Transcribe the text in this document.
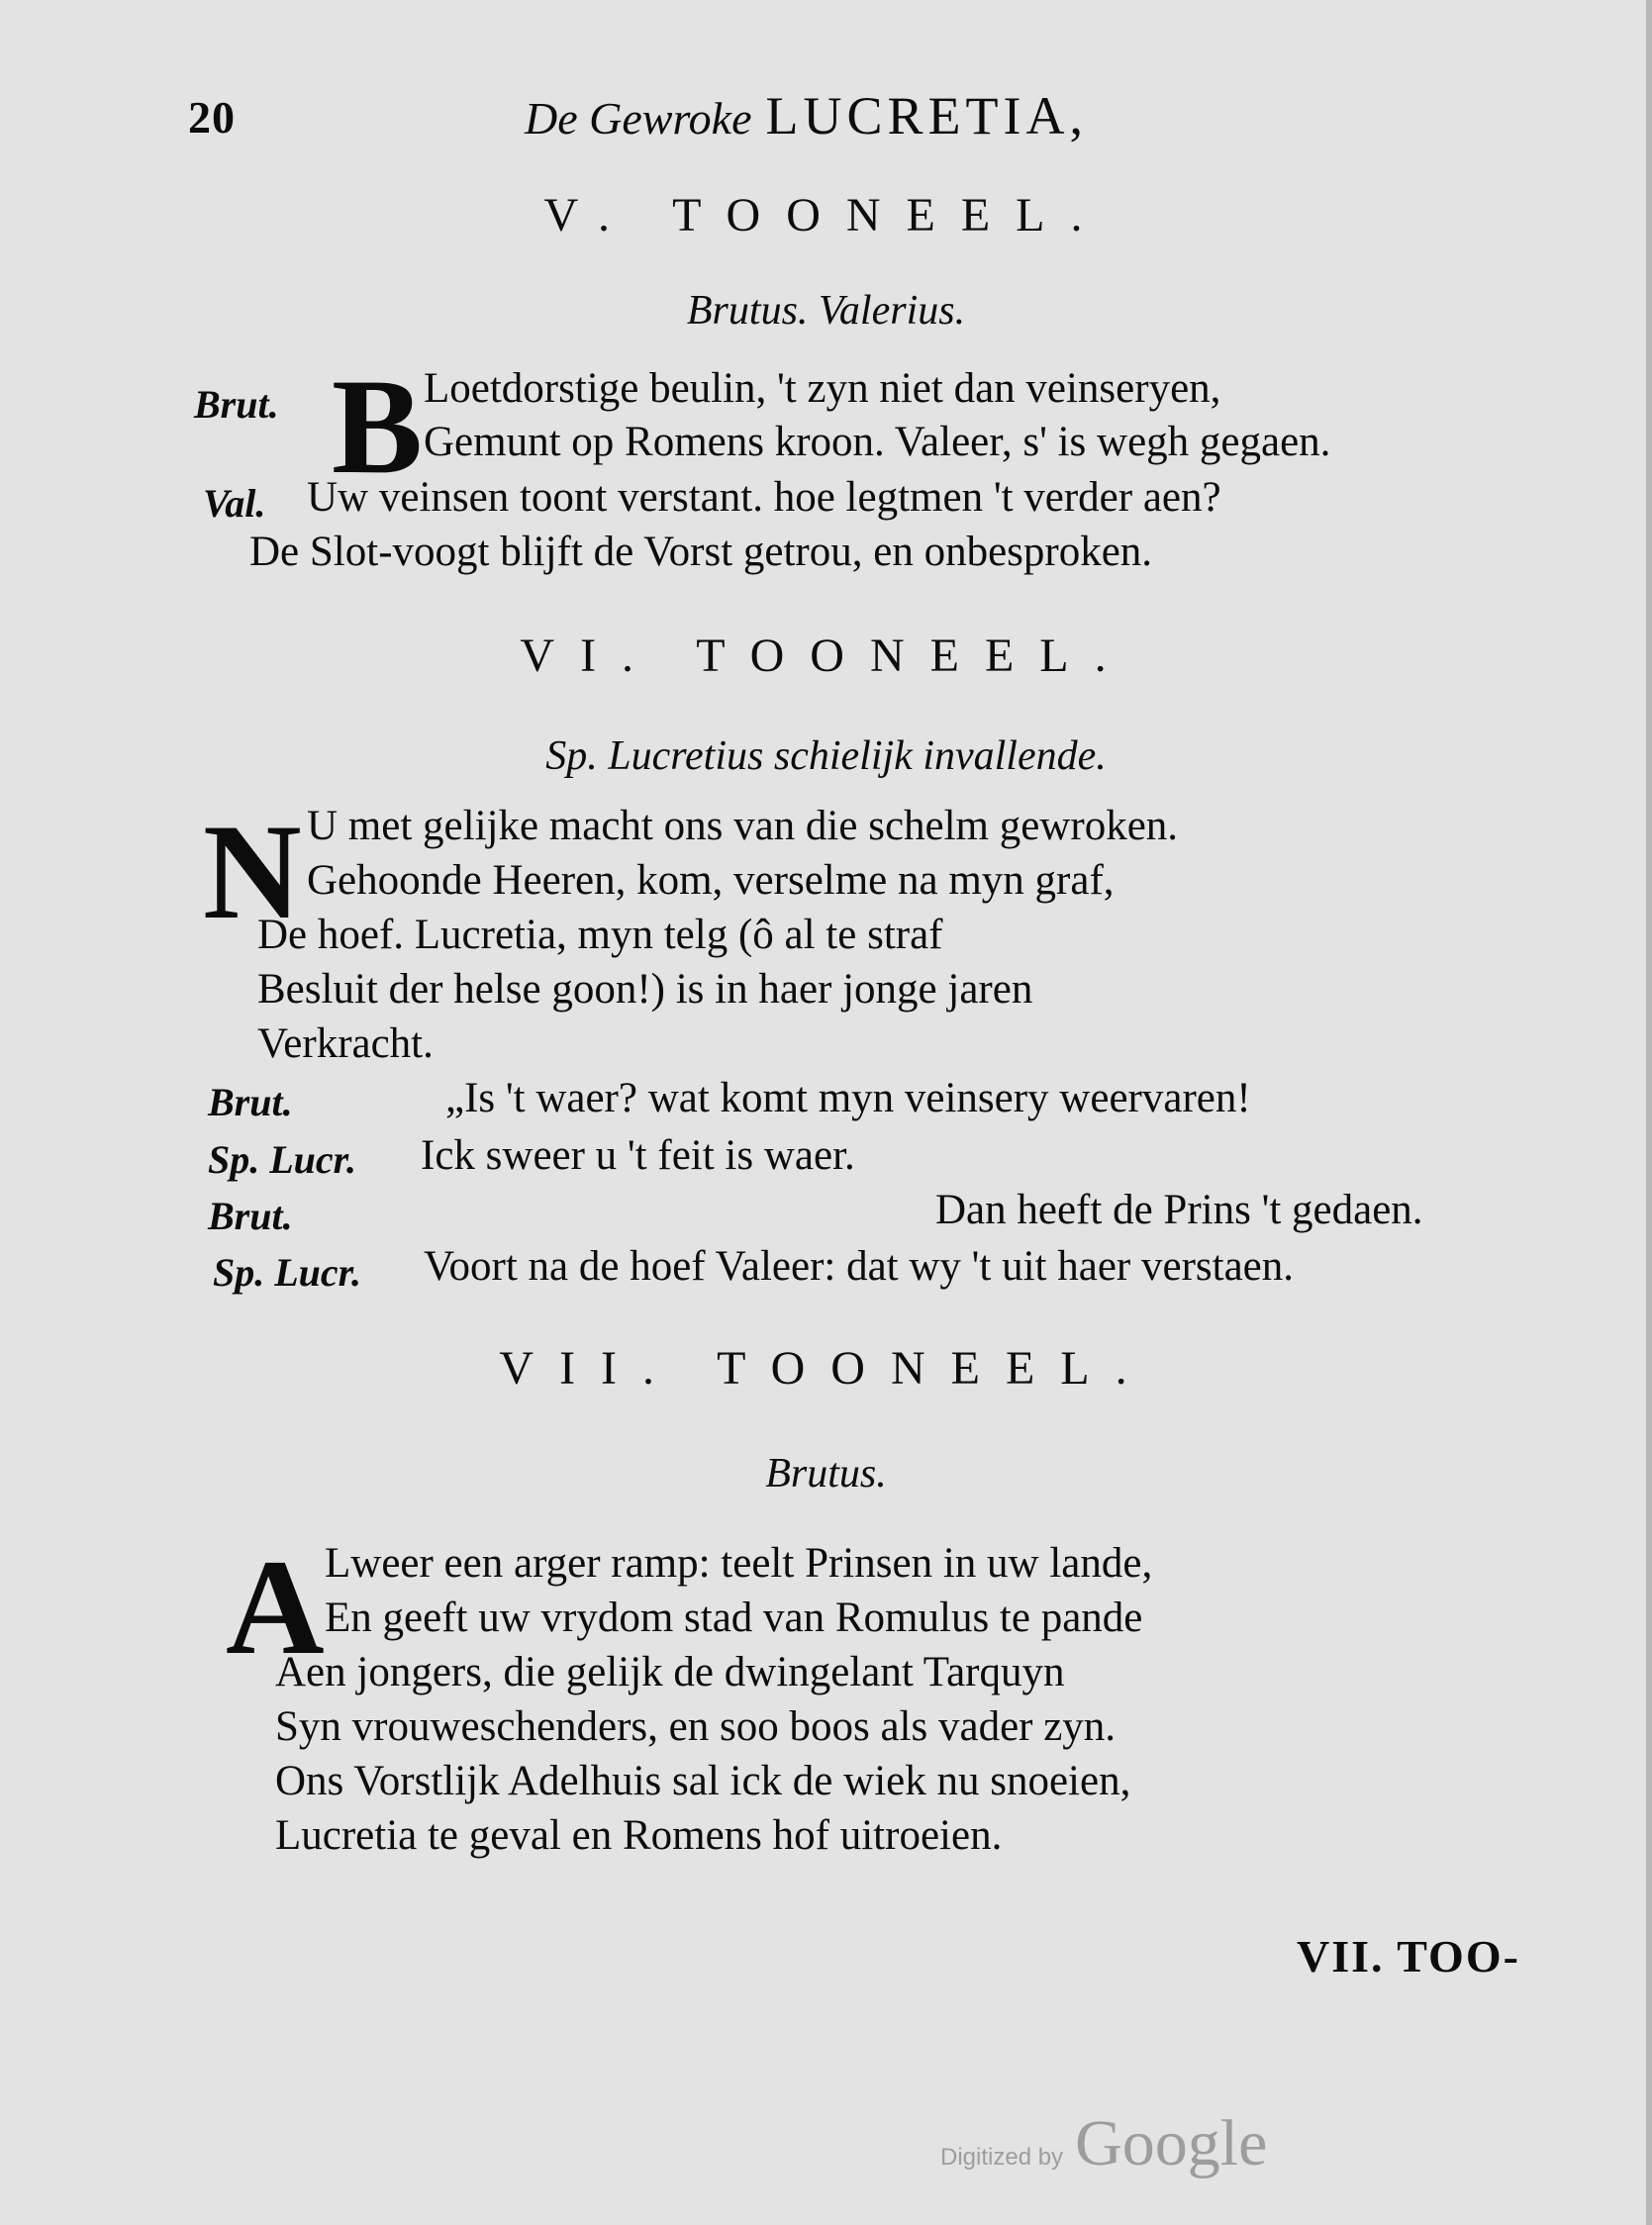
20	De Gewroke LUCRETIA,
V. TOONEEL.
Brutus. Valerius.
Brut. B Loetdorstige beulin, 't zyn niet dan veinseryen,
Gemunt op Romens kroon. Valeer, s' is wegh gegaen.
Val. Uw veinsen toont verstant. hoe legtmen 't verder aen?
De Slot-voogt blijft de Vorst getrou, en onbesproken.
VI. TOONEEL.
Sp. Lucretius schielijk invallende.
N U met gelijke macht ons van die schelm gewroken.
Gehoonde Heeren, kom, verselme na myn graf,
De hoef. Lucretia, myn telg (ô al te straf
Besluit der helse goon!) is in haer jonge jaren
Verkracht.
Brut.	„Is 't waer? wat komt myn veinsery weervaren!
Sp. Lucr. Ick sweer u 't feit is waer.
Brut.	Dan heeft de Prins 't gedaen.
Sp. Lucr. Voort na de hoef Valeer: dat wy 't uit haer verstaen.
VII. TOONEEL.
Brutus.
A Lweer een arger ramp: teelt Prinsen in uw lande,
En geeft uw vrydom stad van Romulus te pande
Aen jongers, die gelijk de dwingelant Tarquyn
Syn vrouweschenders, en soo boos als vader zyn.
Ons Vorstlijk Adelhuis sal ick de wiek nu snoeien,
Lucretia te geval en Romens hof uitroeien.
VII. TOO-
Digitized by Google
